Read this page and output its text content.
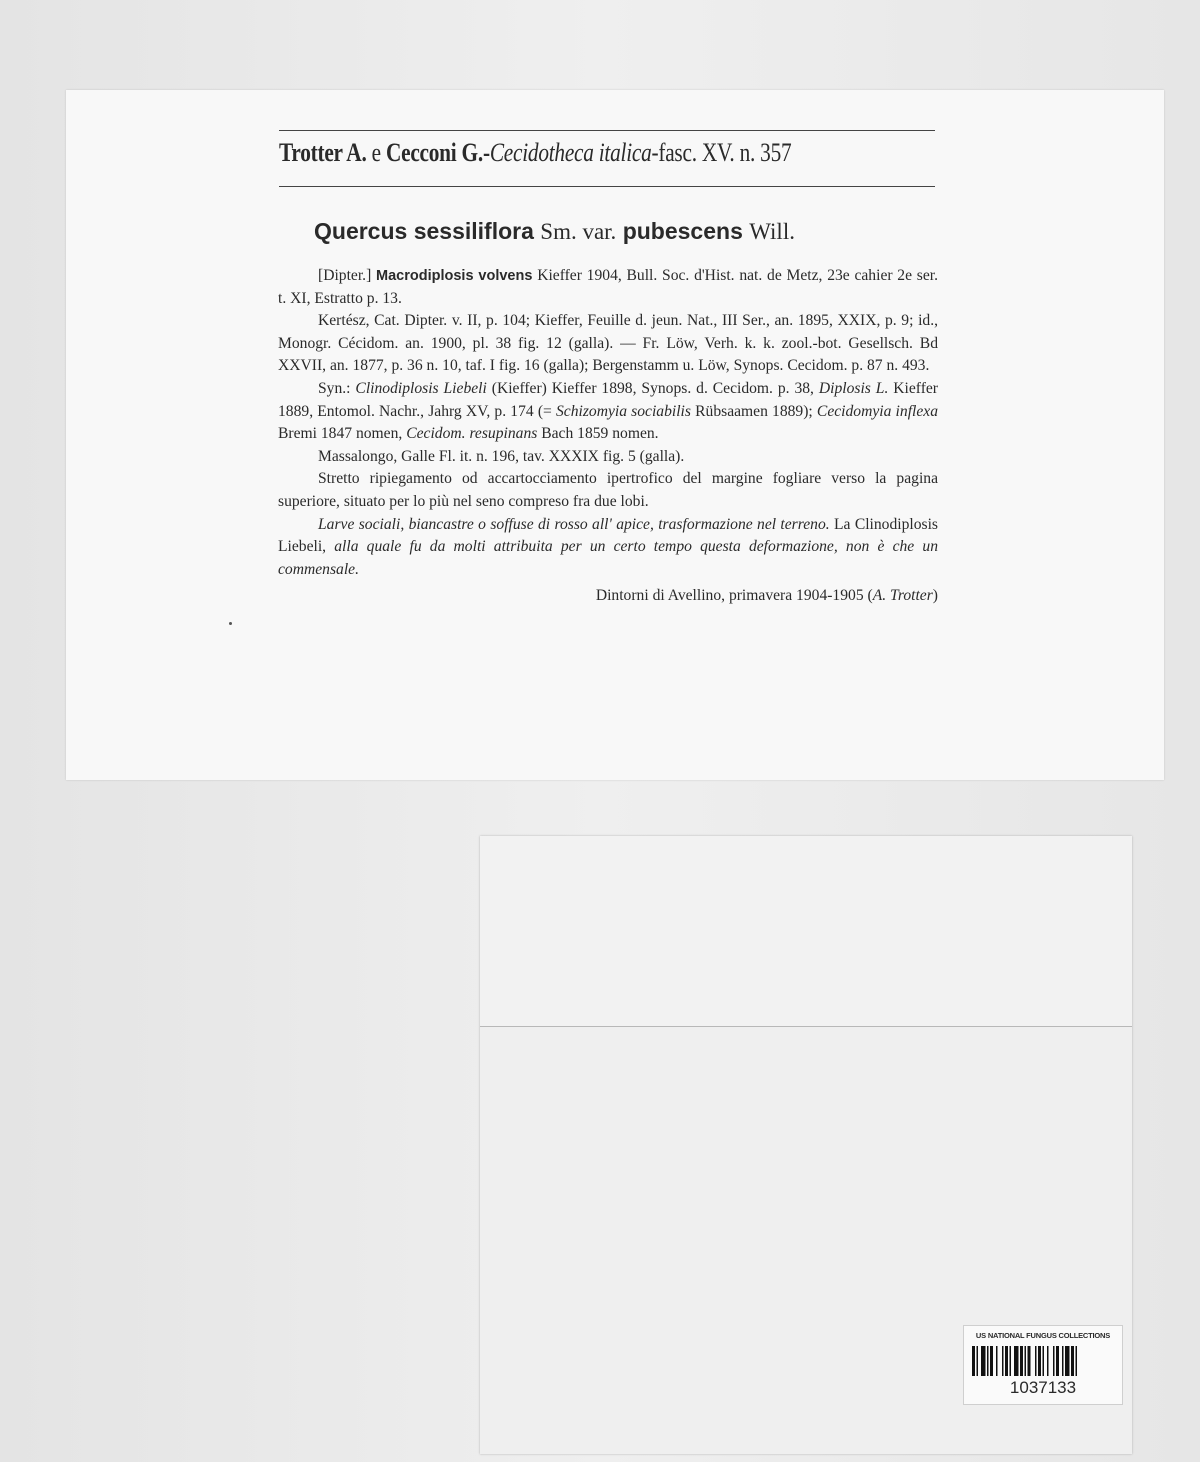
Trotter A. e Cecconi G.-Cecidotheca italica-fasc. XV. n. 357
Quercus sessiliflora Sm. var. pubescens Will.

[Dipter.] Macrodiplosis volvens Kieffer 1904, Bull. Soc. d'Hist. nat. de Metz, 23e cahier 2e ser. t. XI, Estratto p. 13.

Kertész, Cat. Dipter. v. II, p. 104; Kieffer, Feuille d. jeun. Nat., III Ser., an. 1895, XXIX, p. 9; id., Monogr. Cécidom. an. 1900, pl. 38 fig. 12 (galla). — Fr. Löw, Verh. k. k. zool.-bot. Gesellsch. Bd XXVII, an. 1877, p. 36 n. 10, taf. I fig. 16 (galla); Bergenstamm u. Löw, Synops. Cecidom. p. 87 n. 493.

Syn.: Clinodiplosis Liebeli (Kieffer) Kieffer 1898, Synops. d. Cecidom. p. 38, Diplosis L. Kieffer 1889, Entomol. Nachr., Jahrg XV, p. 174 (= Schizomyia sociabilis Rübsaamen 1889); Cecidomyia inflexa Bremi 1847 nomen, Cecidom. resupinans Bach 1859 nomen.

Massalongo, Galle Fl. it. n. 196, tav. XXXIX fig. 5 (galla).

Stretto ripiegamento od accartocciamento ipertrofico del margine fogliare verso la pagina superiore, situato per lo più nel seno compreso fra due lobi.

Larve sociali, biancastre o soffuse di rosso all' apice, trasformazione nel terreno. La Clinodiplosis Liebeli, alla quale fu da molti attribuita per un certo tempo questa deformazione, non è che un commensale.

Dintorni di Avellino, primavera 1904-1905 (A. Trotter)

US NATIONAL FUNGUS COLLECTIONS
1037133
